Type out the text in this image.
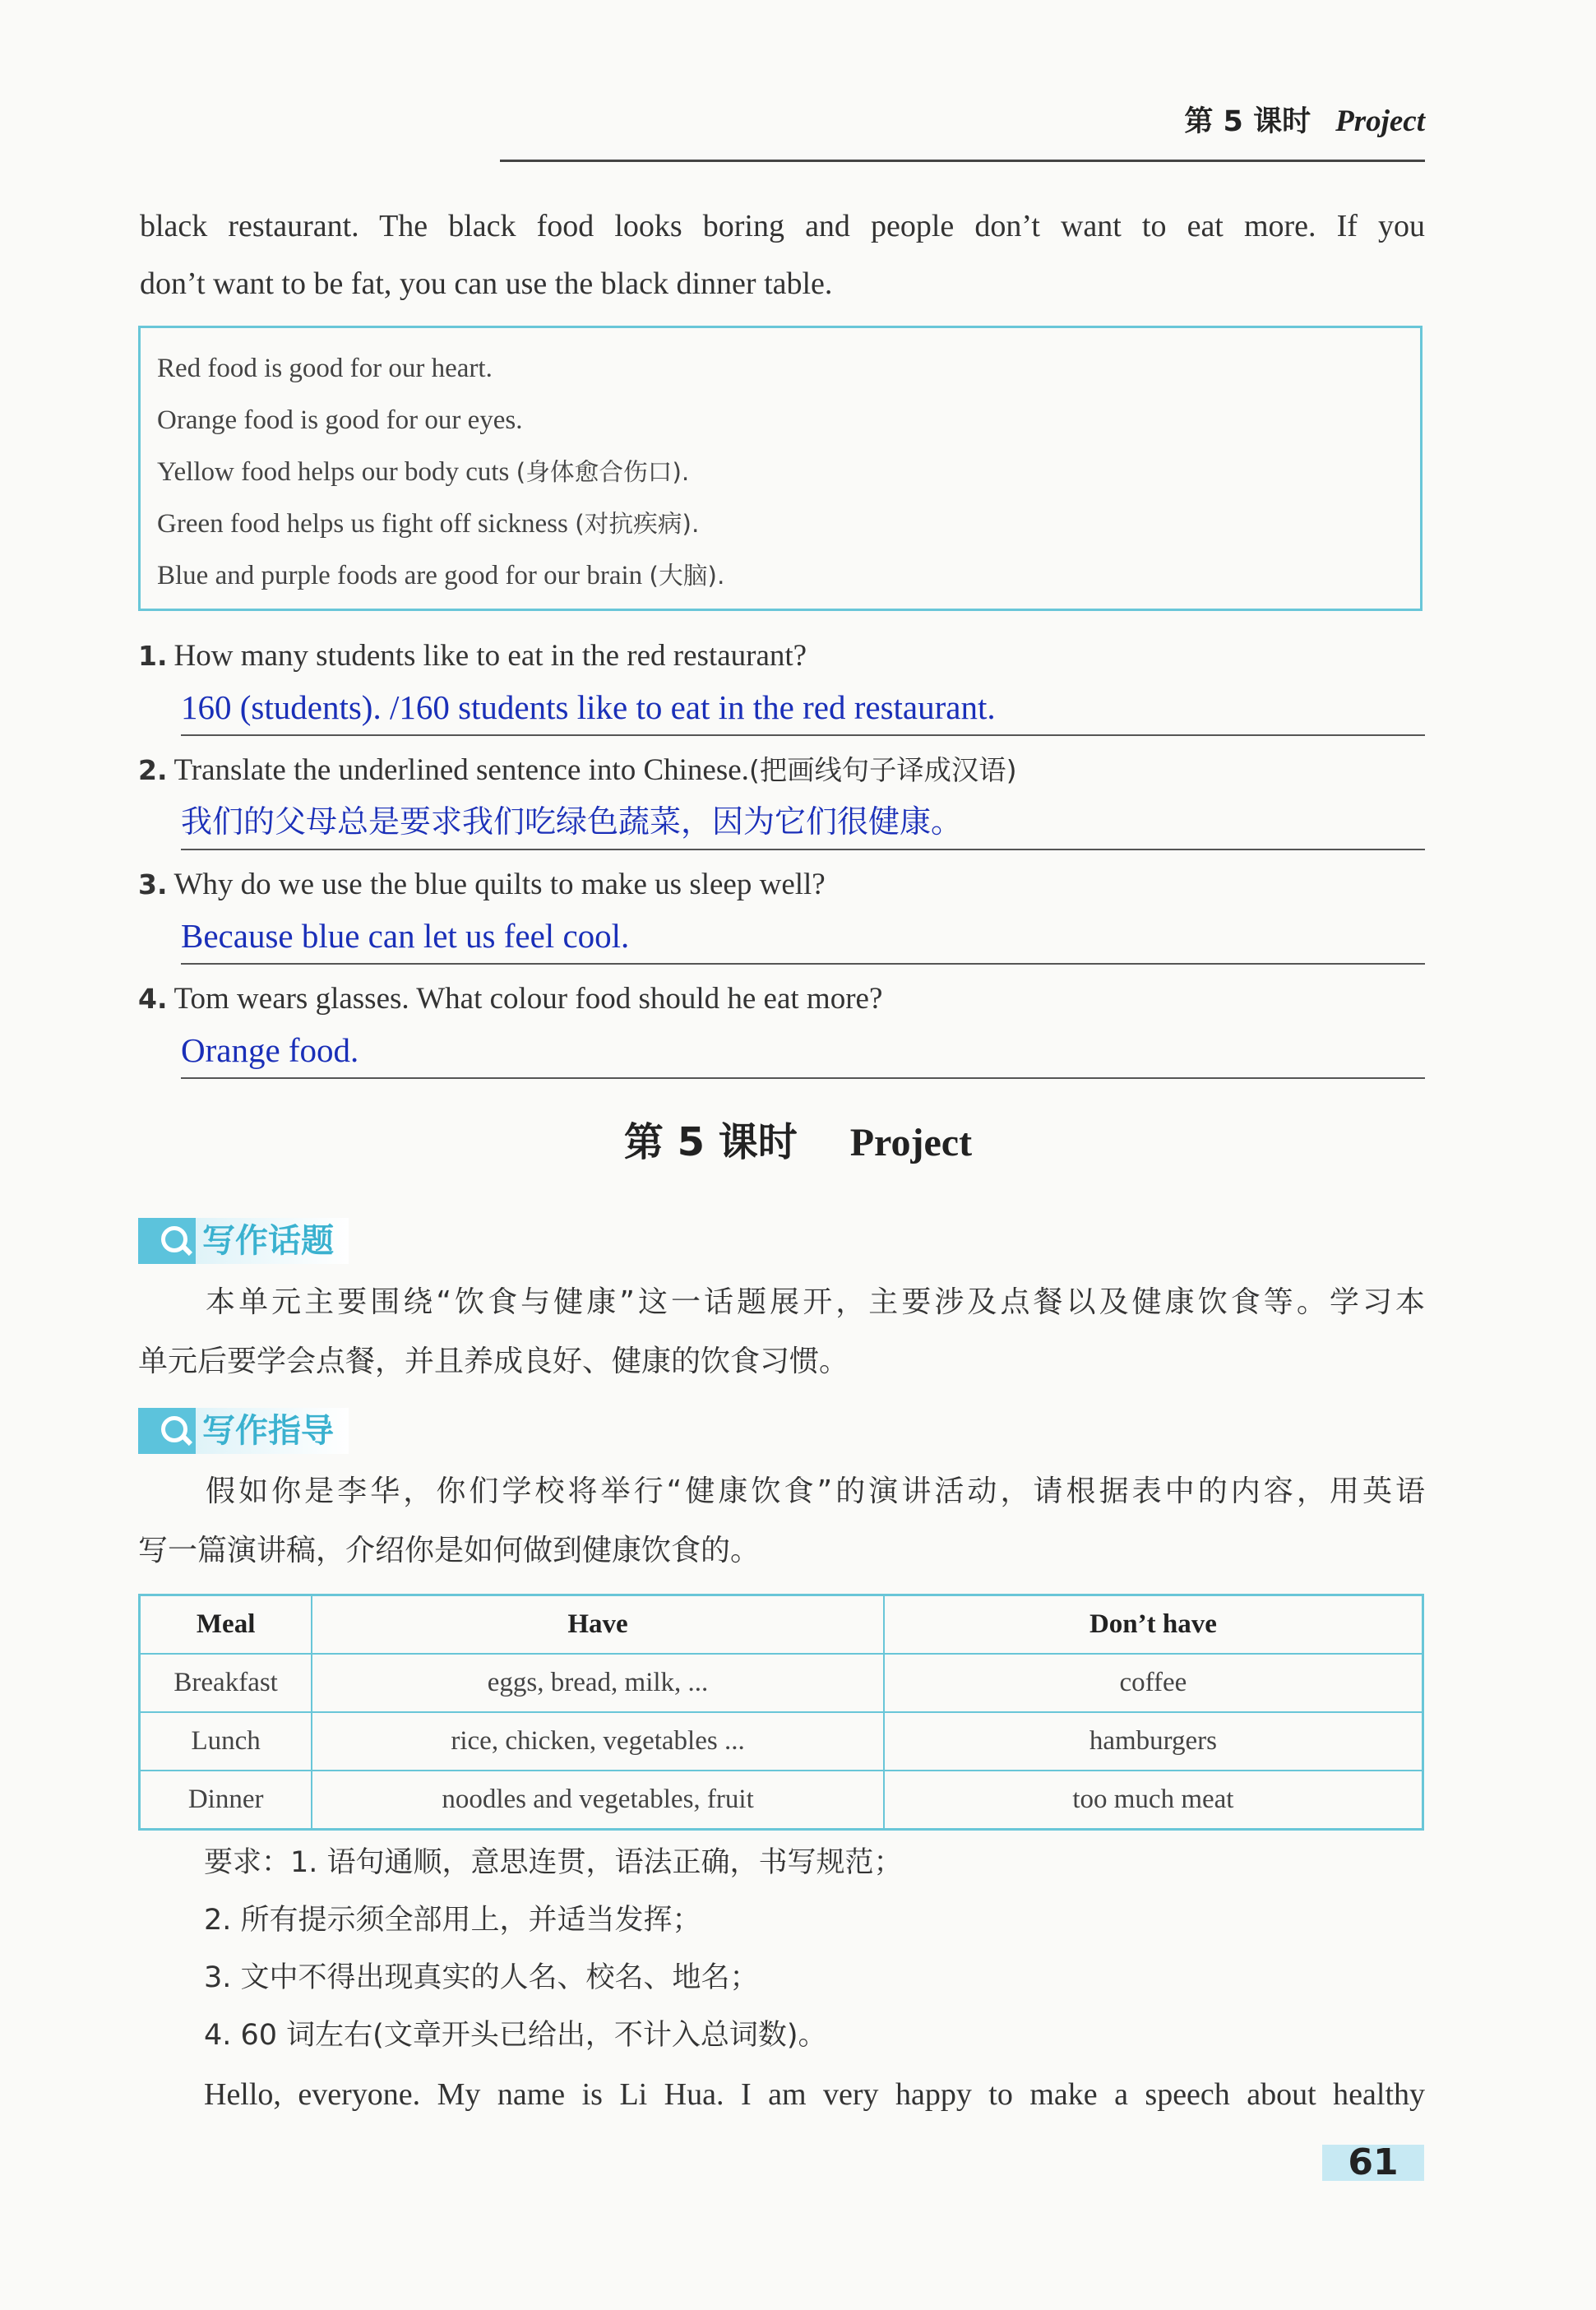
第 5 课时 Project
black restaurant. The black food looks boring and people don’t want to eat more. If you
don’t want to be fat, you can use the black dinner table.
Red food is good for our heart.
Orange food is good for our eyes.
Yellow food helps our body cuts (身体愈合伤口).
Green food helps us fight off sickness (对抗疾病).
Blue and purple foods are good for our brain (大脑).
1. How many students like to eat in the red restaurant?
160 (students). /160 students like to eat in the red restaurant.
2. Translate the underlined sentence into Chinese.(把画线句子译成汉语)
我们的父母总是要求我们吃绿色蔬菜，因为它们很健康。
3. Why do we use the blue quilts to make us sleep well?
Because blue can let us feel cool.
4. Tom wears glasses. What colour food should he eat more?
Orange food.
第 5 课时 Project
写作话题
本单元主要围绕“饮食与健康”这一话题展开，主要涉及点餐以及健康饮食等。学习本
单元后要学会点餐，并且养成良好、健康的饮食习惯。
写作指导
假如你是李华，你们学校将举行“健康饮食”的演讲活动，请根据表中的内容，用英语
写一篇演讲稿，介绍你是如何做到健康饮食的。
Meal	Have	Don’t have
Breakfast	eggs, bread, milk, ...	coffee
Lunch	rice, chicken, vegetables ...	hamburgers
Dinner	noodles and vegetables, fruit	too much meat
要求：1. 语句通顺，意思连贯，语法正确，书写规范；
2. 所有提示须全部用上，并适当发挥；
3. 文中不得出现真实的人名、校名、地名；
4. 60 词左右(文章开头已给出，不计入总词数)。
Hello, everyone. My name is Li Hua. I am very happy to make a speech about healthy
61
